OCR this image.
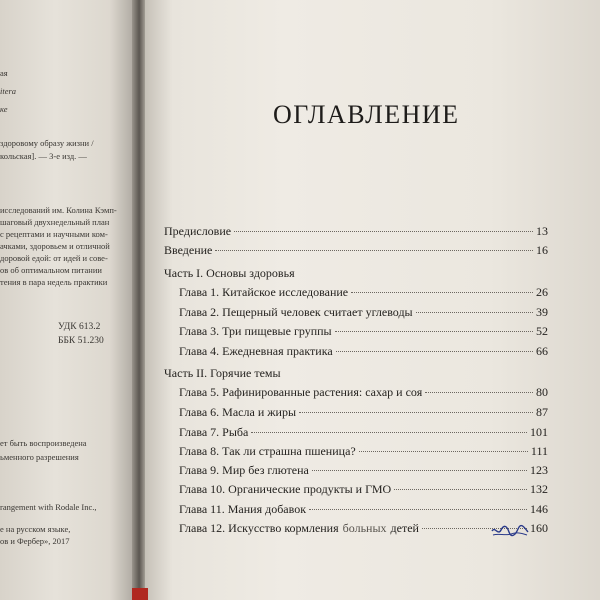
ая
itera
ке
здоровому образу жизни /
кольская]. — 3-е изд. —
исследований им. Колина Кэмп-
шаговый двухнедельный план
с рецептами и научными ком-
ачками, здоровьем и отличной
доровой едой: от идей и сове-
ов об оптимальном питании
тения в пара недель практики
УДК 613.2
ББК 51.230
ет быть воспроизведена
ьменного разрешения
rangement with Rodale Inc.,
е на русском языке,
ов и Фербер», 2017
ОГЛАВЛЕНИЕ
Предисловие	13
Введение	16
Часть I. Основы здоровья
Глава 1. Китайское исследование	26
Глава 2. Пещерный человек считает углеводы	39
Глава 3. Три пищевые группы	52
Глава 4. Ежедневная практика	66
Часть II. Горячие темы
Глава 5. Рафинированные растения: сахар и соя	80
Глава 6. Масла и жиры	87
Глава 7. Рыба	101
Глава 8. Так ли страшна пшеница?	111
Глава 9. Мир без глютена	123
Глава 10. Органические продукты и ГМО	132
Глава 11. Мания добавок	146
Глава 12. Искусство кормления больных детей	160
